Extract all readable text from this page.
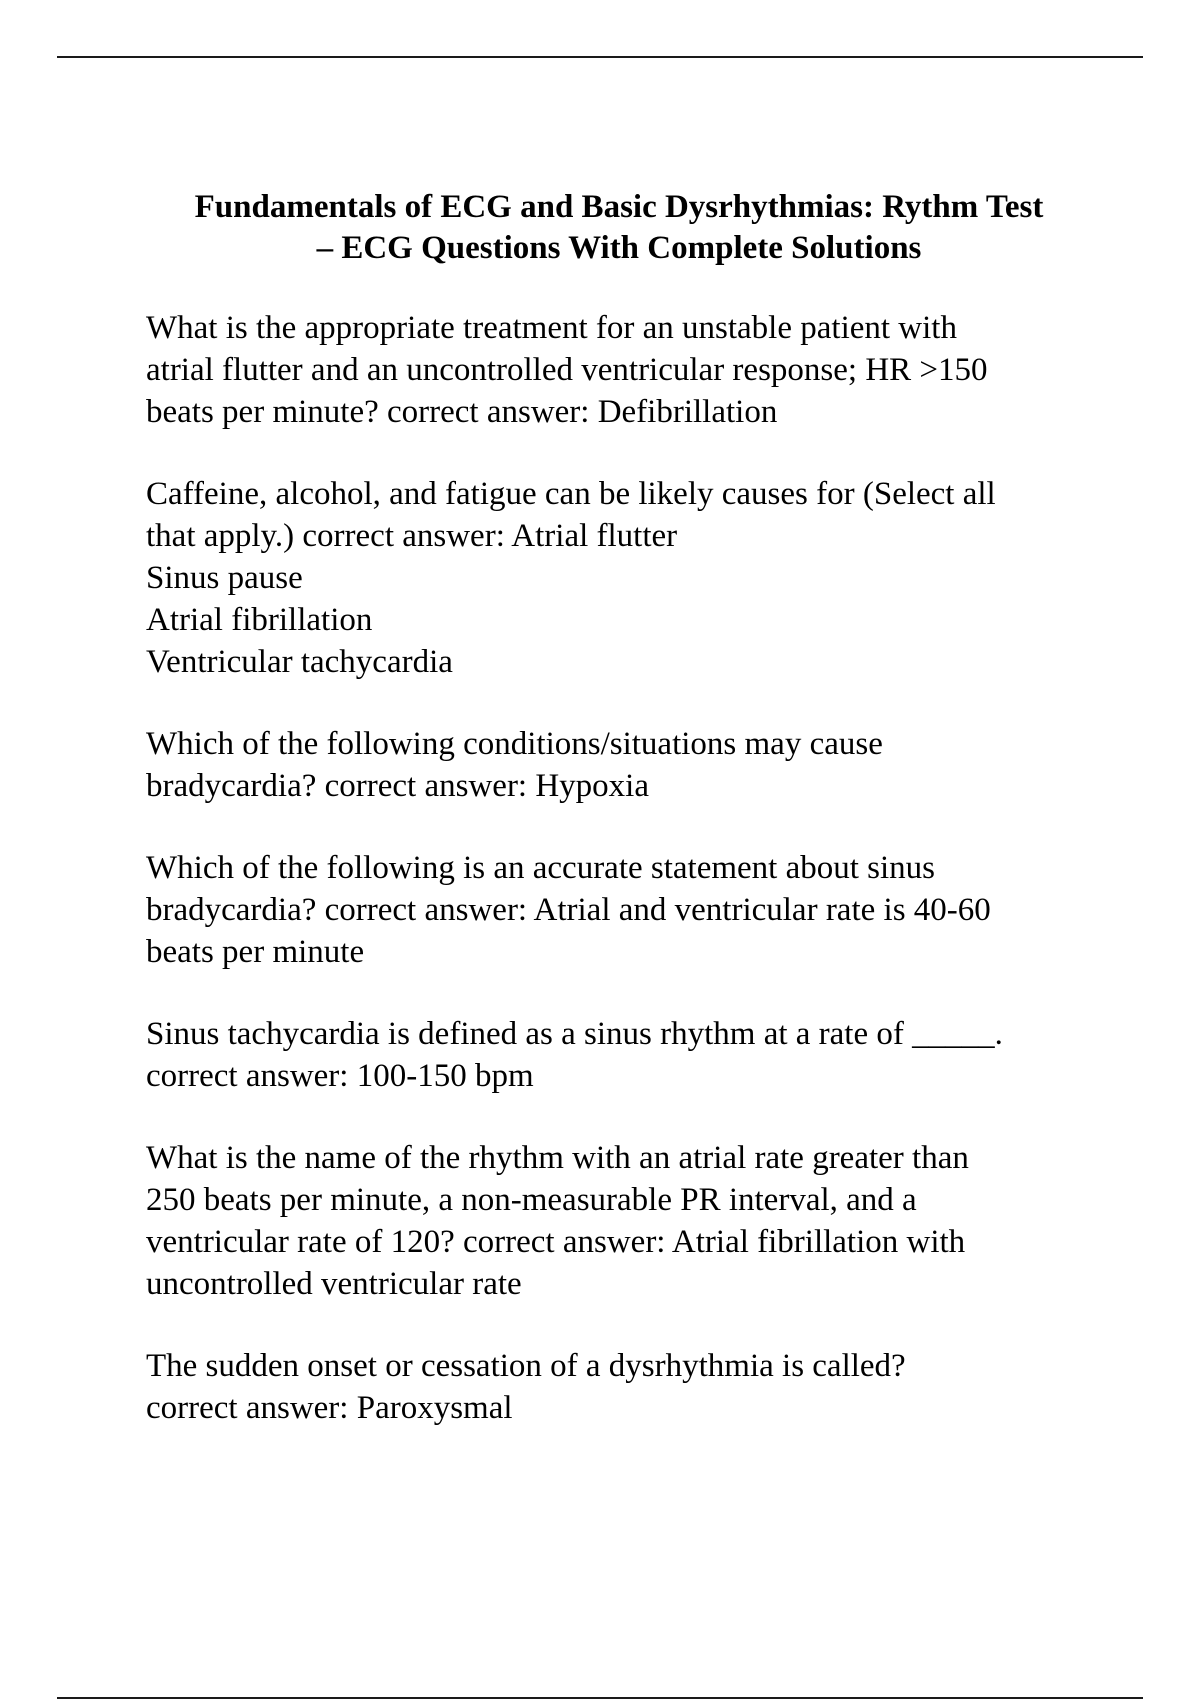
Fundamentals of ECG and Basic Dysrhythmias: Rythm Test
– ECG Questions With Complete Solutions
What is the appropriate treatment for an unstable patient with
atrial flutter and an uncontrolled ventricular response; HR >150
beats per minute? correct answer: Defibrillation
Caffeine, alcohol, and fatigue can be likely causes for (Select all
that apply.) correct answer: Atrial flutter
Sinus pause
Atrial fibrillation
Ventricular tachycardia
Which of the following conditions/situations may cause
bradycardia? correct answer: Hypoxia
Which of the following is an accurate statement about sinus
bradycardia? correct answer: Atrial and ventricular rate is 40-60
beats per minute
Sinus tachycardia is defined as a sinus rhythm at a rate of _____.
correct answer: 100-150 bpm
What is the name of the rhythm with an atrial rate greater than
250 beats per minute, a non-measurable PR interval, and a
ventricular rate of 120? correct answer: Atrial fibrillation with
uncontrolled ventricular rate
The sudden onset or cessation of a dysrhythmia is called?
correct answer: Paroxysmal
